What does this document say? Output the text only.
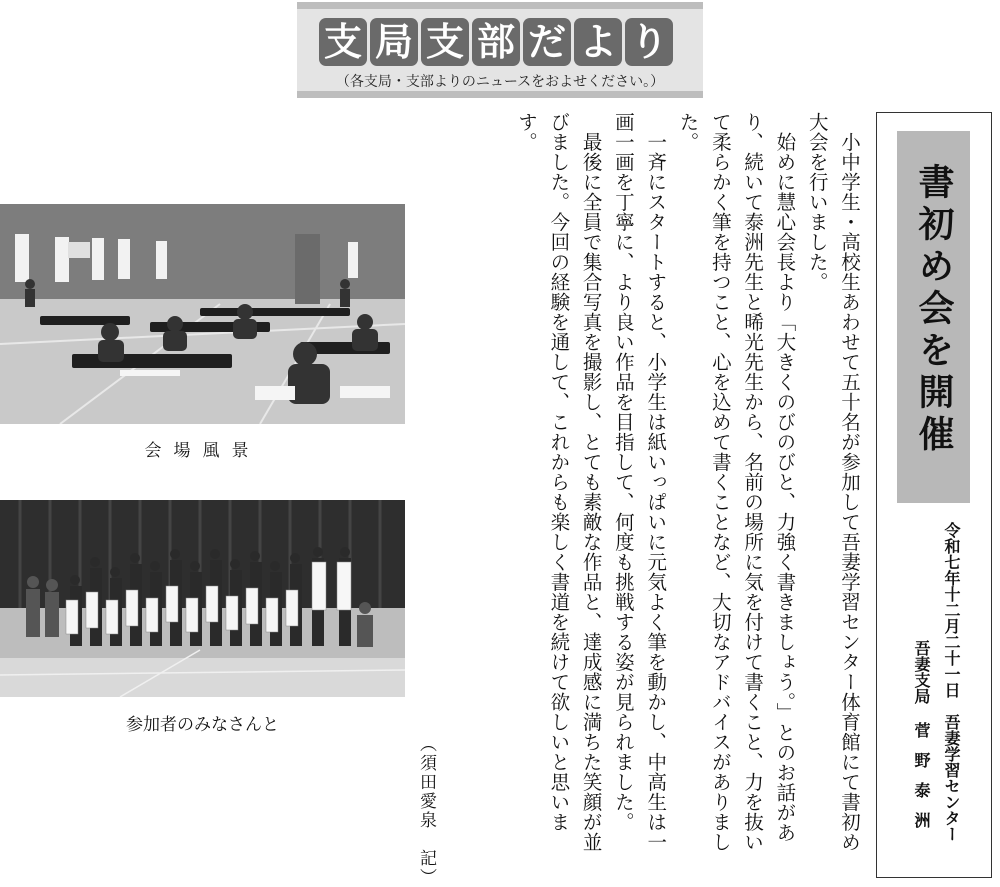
支 局 支 部 だ よ り
（各支局・支部よりのニュースをおよせください。）
書初め会を開催
令和七年十二月二十一日　吾妻学習センター
吾妻支局菅野泰洲

小中学生・高校生あわせて五十名が参加して吾妻学習センター体育館にて書初め大会を行いました。

始めに慧心会長より「大きくのびのびと、力強く書きましょう。」とのお話があり、続いて泰洲先生と晞光先生から、名前の場所に気を付けて書くこと、力を抜いて柔らかく筆を持つこと、心を込めて書くことなど、大切なアドバイスがありました。

一斉にスタートすると、小学生は紙いっぱいに元気よく筆を動かし、中高生は一画一画を丁寧に、より良い作品を目指して、何度も挑戦する姿が見られました。

最後に全員で集合写真を撮影し、とても素敵な作品と、達成感に満ちた笑顔が並びました。今回の経験を通して、これからも楽しく書道を続けて欲しいと思います。

（須田愛泉　記）
会場風景
参加者のみなさんと
